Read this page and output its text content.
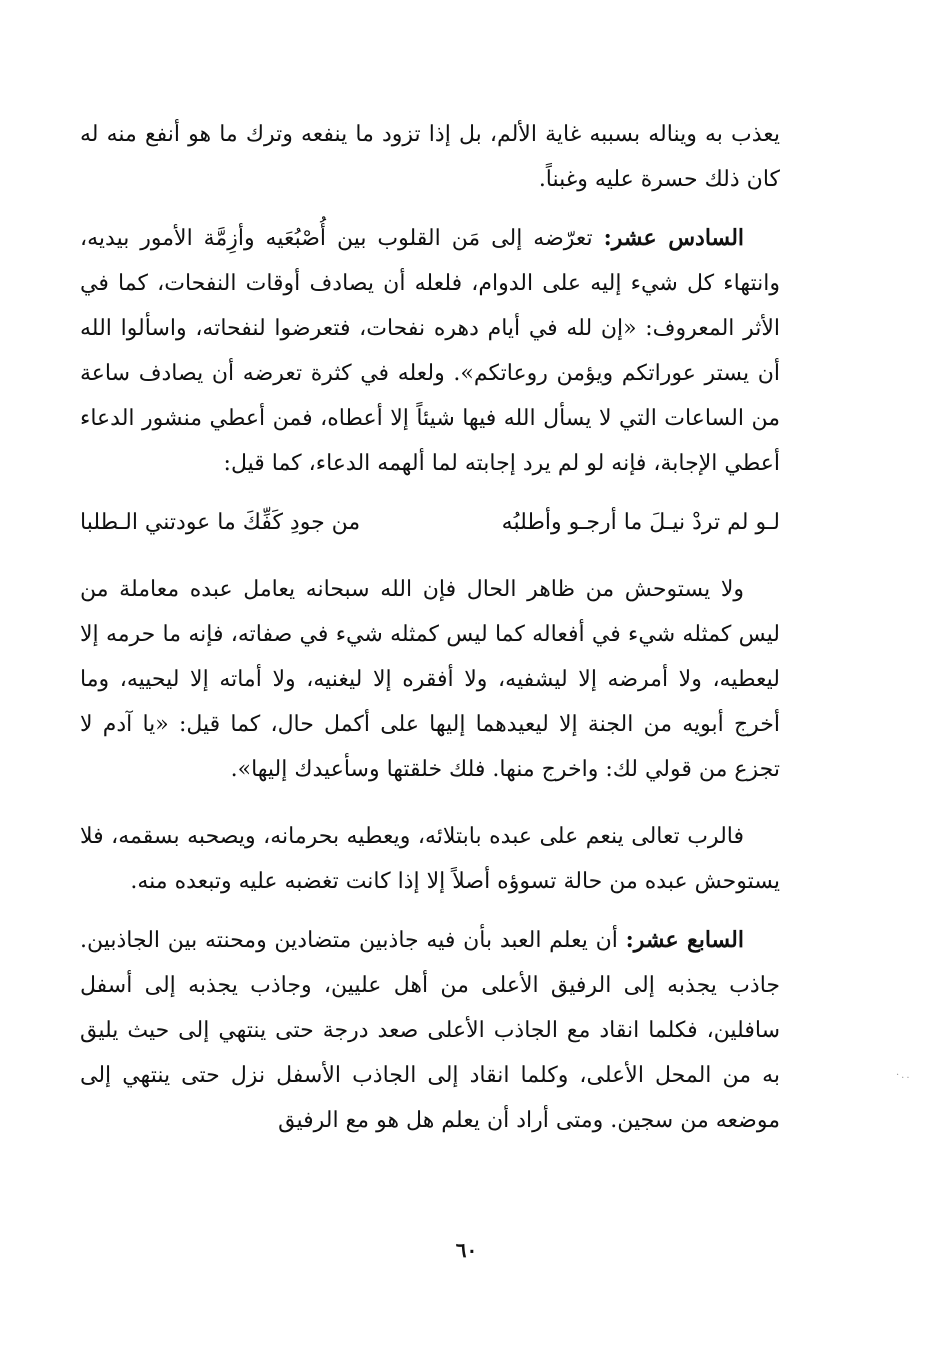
يعذب به ويناله بسببه غاية الألم، بل إذا تزود ما ينفعه وترك ما هو أنفع منه له كان ذلك حسرة عليه وغبناً.

السادس عشر: تعرّضه إلى مَن القلوب بين أُصْبُعَيه وأزِمَّة الأمور بيديه، وانتهاء كل شيء إليه على الدوام، فلعله أن يصادف أوقات النفحات، كما في الأثر المعروف: «إن لله في أيام دهره نفحات، فتعرضوا لنفحاته، واسألوا الله أن يستر عوراتكم ويؤمن روعاتكم». ولعله في كثرة تعرضه أن يصادف ساعة من الساعات التي لا يسأل الله فيها شيئاً إلا أعطاه، فمن أعطي منشور الدعاء أعطي الإجابة، فإنه لو لم يرد إجابته لما ألهمه الدعاء، كما قيل:

لـو لم تردْ نيـلَ ما أرجـو وأطلبُه
من جودِ كَفِّكَ ما عودتني الـطلبا

ولا يستوحش من ظاهر الحال فإن الله سبحانه يعامل عبده معاملة من ليس كمثله شيء في أفعاله كما ليس كمثله شيء في صفاته، فإنه ما حرمه إلا ليعطيه، ولا أمرضه إلا ليشفيه، ولا أفقره إلا ليغنيه، ولا أماته إلا ليحييه، وما أخرج أبويه من الجنة إلا ليعيدهما إليها على أكمل حال، كما قيل: «يا آدم لا تجزع من قولي لك: واخرج منها. فلك خلقتها وسأعيدك إليها».

فالرب تعالى ينعم على عبده بابتلائه، ويعطيه بحرمانه، ويصحبه بسقمه، فلا يستوحش عبده من حالة تسوؤه أصلاً إلا إذا كانت تغضبه عليه وتبعده منه.

السابع عشر: أن يعلم العبد بأن فيه جاذبين متضادين ومحنته بين الجاذبين. جاذب يجذبه إلى الرفيق الأعلى من أهل عليين، وجاذب يجذبه إلى أسفل سافلين، فكلما انقاد مع الجاذب الأعلى صعد درجة حتى ينتهي إلى حيث يليق به من المحل الأعلى، وكلما انقاد إلى الجاذب الأسفل نزل حتى ينتهي إلى موضعه من سجين. ومتى أراد أن يعلم هل هو مع الرفيق

٦٠
..·
